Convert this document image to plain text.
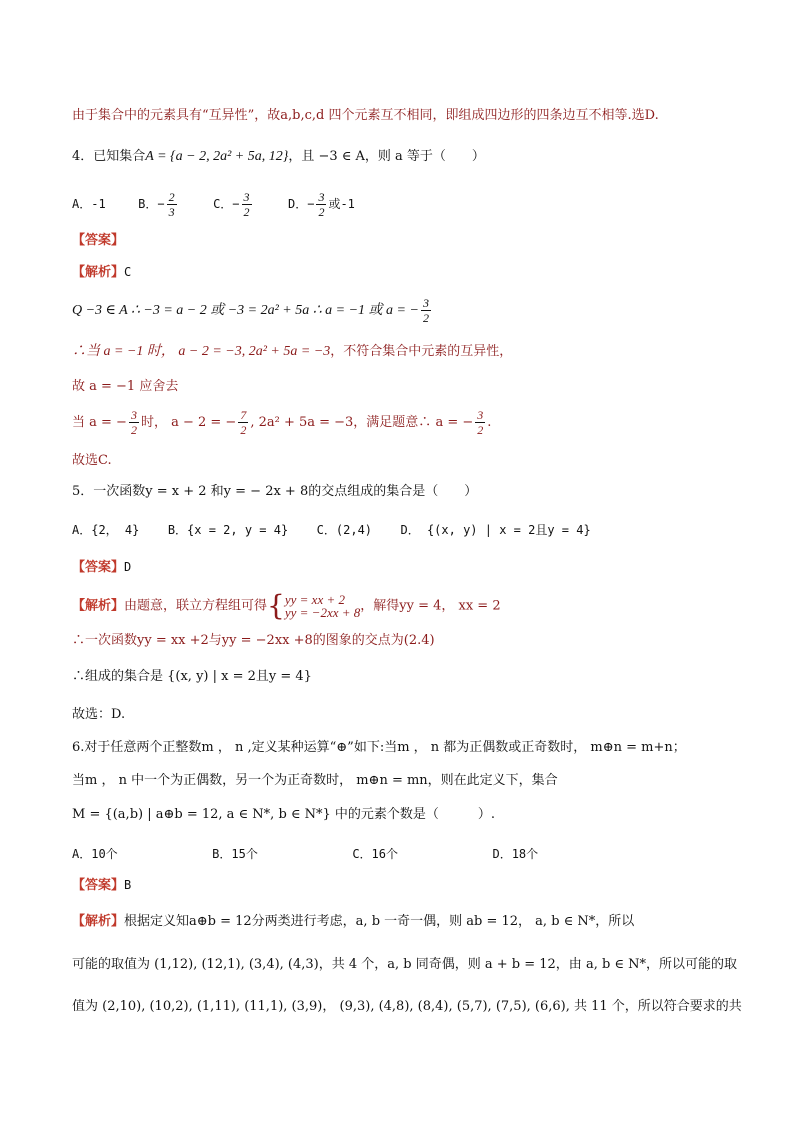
由于集合中的元素具有“互异性”，故a,b,c,d 四个元素互不相同，即组成四边形的四条边互不相等.选D.
4．已知集合A = {a − 2, 2a² + 5a, 12}，且 −3 ∈ A，则 a 等于（　　）
A．-1	B．− $\frac{2}{3}$	C．− $\frac{3}{2}$	D．− $\frac{3}{2}$ 或-1
【答案】
【解析】C
Q −3 ∈ A ∴ −3 = a − 2 或 −3 = 2a² + 5a ∴ a = −1 或 a = − $\frac{3}{2}$
∴当 a = −1 时， a − 2 = −3, 2a² + 5a = −3，不符合集合中元素的互异性，
故 a = −1 应舍去
当 a = − $\frac{3}{2}$ 时， a − 2 = − $\frac{7}{2}$ , 2a² + 5a = −3，满足题意∴ a = − $\frac{3}{2}$ .
故选C.
5．一次函数y = x + 2 和y = − 2x + 8的交点组成的集合是（　　）
A．{2， 4} B．{x = 2, y = 4} C．(2,4) D． {(x, y) | x = 2且y = 4}
【答案】D
【解析】由题意，联立方程组可得{ yy = xx + 2
yy = −2xx + 8 ，解得yy = 4， xx = 2
∴一次函数yy = xx +2与yy = −2xx +8的图象的交点为(2.4)
∴组成的集合是 {(x, y) | x = 2且y = 4}
故选：D.
6.对于任意两个正整数m ， n ,定义某种运算“⊕”如下:当m ， n 都为正偶数或正奇数时， m⊕n = m+n；
当m ， n 中一个为正偶数，另一个为正奇数时， m⊕n = mn，则在此定义下，集合
M = {(a,b) | a⊕b = 12, a ∈ N*, b ∈ N*} 中的元素个数是（　　　）.
A．10个	B．15个	C．16个	D．18个
【答案】B
【解析】根据定义知a⊕b = 12分两类进行考虑，a, b 一奇一偶，则 ab = 12， a, b ∈ N*，所以
可能的取值为 (1,12), (12,1), (3,4), (4,3)，共 4 个，a, b 同奇偶，则 a + b = 12，由 a, b ∈ N*，所以可能的取
值为 (2,10), (10,2), (1,11), (11,1), (3,9)， (9,3), (4,8), (8,4), (5,7), (7,5), (6,6), 共 11 个，所以符合要求的共
